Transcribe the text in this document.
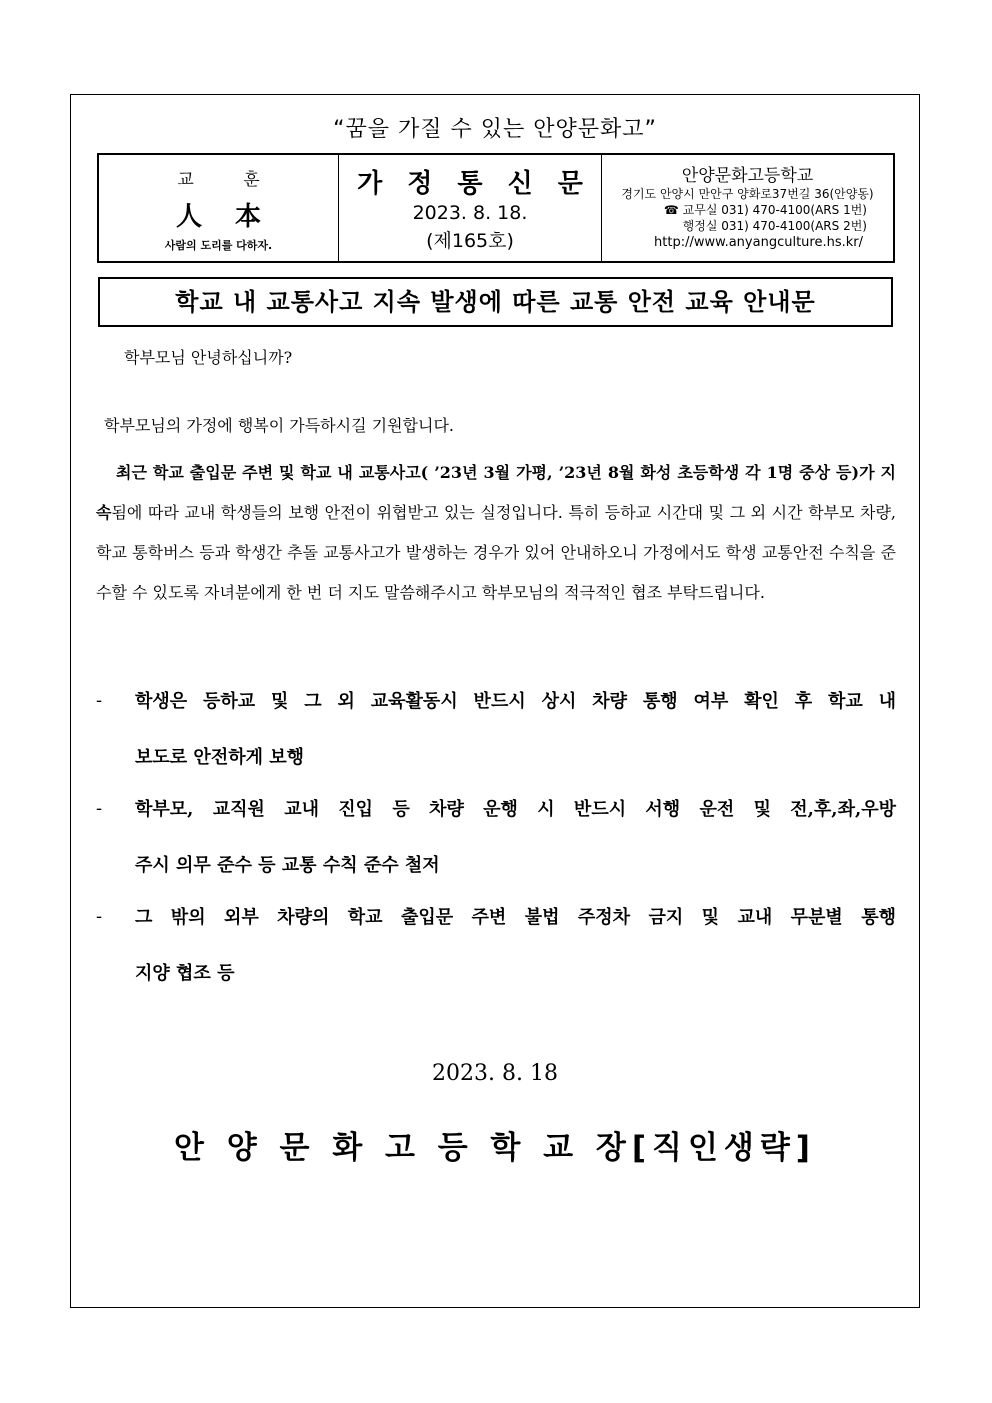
“꿈을 가질 수 있는 안양문화고”
교 훈
人 本
사람의 도리를 다하자.
가 정 통 신 문
2023. 8. 18.
(제165호)
안양문화고등학교
경기도 안양시 만안구 양화로37번길 36(안양동)
☎ 교무실 031) 470-4100(ARS 1번)
행정실 031) 470-4100(ARS 2번)
http://www.anyangculture.hs.kr/
학교 내 교통사고 지속 발생에 따른 교통 안전 교육 안내문
학부모님 안녕하십니까?
학부모님의 가정에 행복이 가득하시길 기원합니다.
최근 학교 출입문 주변 및 학교 내 교통사고( ’23년 3월 가평, ’23년 8월 화성 초등학생 각 1명 중상 등)가 지속됨에 따라 교내 학생들의 보행 안전이 위협받고 있는 실정입니다. 특히 등하교 시간대 및 그 외 시간 학부모 차량, 학교 통학버스 등과 학생간 추돌 교통사고가 발생하는 경우가 있어 안내하오니 가정에서도 학생 교통안전 수칙을 준수할 수 있도록 자녀분에게 한 번 더 지도 말씀해주시고 학부모님의 적극적인 협조 부탁드립니다.
- 학생은 등하교 및 그 외 교육활동시 반드시 상시 차량 통행 여부 확인 후 학교 내
보도로 안전하게 보행
- 학부모, 교직원 교내 진입 등 차량 운행 시 반드시 서행 운전 및 전,후,좌,우방
주시 의무 준수 등 교통 수칙 준수 철저
- 그 밖의 외부 차량의 학교 출입문 주변 불법 주정차 금지 및 교내 무분별 통행
지양 협조 등
2023. 8. 18
안 양 문 화 고 등 학 교 장[직인생략]
